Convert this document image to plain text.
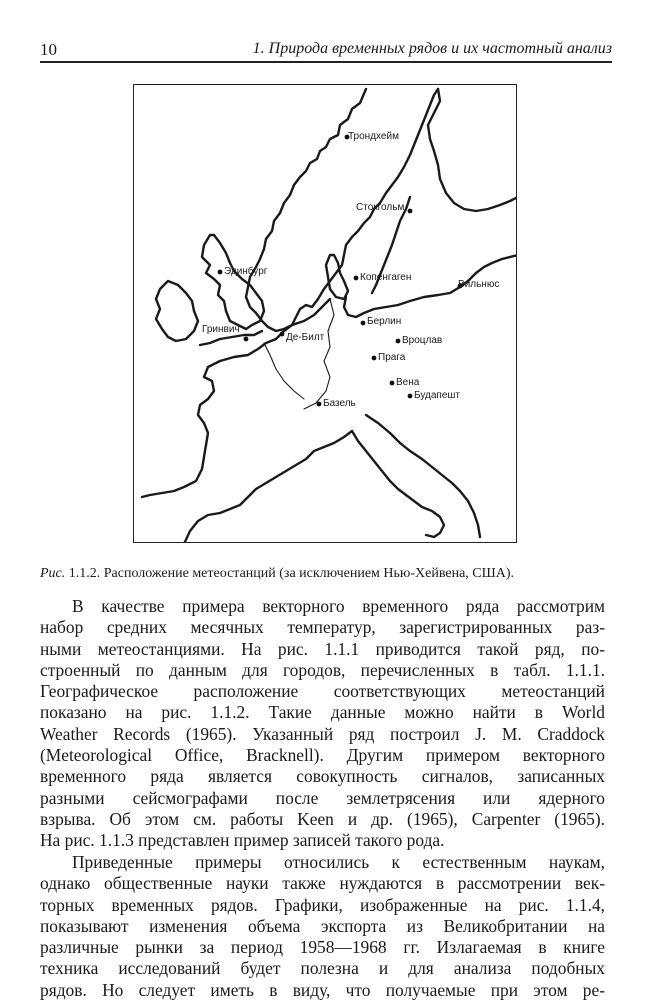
10	1. Природа временных рядов и их частотный анализ
Трондхейм
Стокгольм
Эдинбург
Копенгаген
Вильнюс
Гринвич
Де-Билт
Берлин
Вроцлав
Прага
Вена
Будапешт
Базель
Рис. 1.1.2. Расположение метеостанций (за исключением Нью-Хейвена, США).
В качестве примера векторного временного ряда рассмотрим
набор средних месячных температур, зарегистрированных раз-
ными метеостанциями. На рис. 1.1.1 приводится такой ряд, по-
строенный по данным для городов, перечисленных в табл. 1.1.1.
Географическое расположение соответствующих метеостанций
показано на рис. 1.1.2. Такие данные можно найти в World
Weather Records (1965). Указанный ряд построил J. M. Craddock
(Meteorological Office, Bracknell). Другим примером векторного
временного ряда является совокупность сигналов, записанных
разными сейсмографами после землетрясения или ядерного
взрыва. Об этом см. работы Keen и др. (1965), Carpenter (1965).
На рис. 1.1.3 представлен пример записей такого рода.
Приведенные примеры относились к естественным наукам,
однако общественные науки также нуждаются в рассмотрении век-
торных временных рядов. Графики, изображенные на рис. 1.1.4,
показывают изменения объема экспорта из Великобритании на
различные рынки за период 1958—1968 гг. Излагаемая в книге
техника исследований будет полезна и для анализа подобных
рядов. Но следует иметь в виду, что получаемые при этом ре-
